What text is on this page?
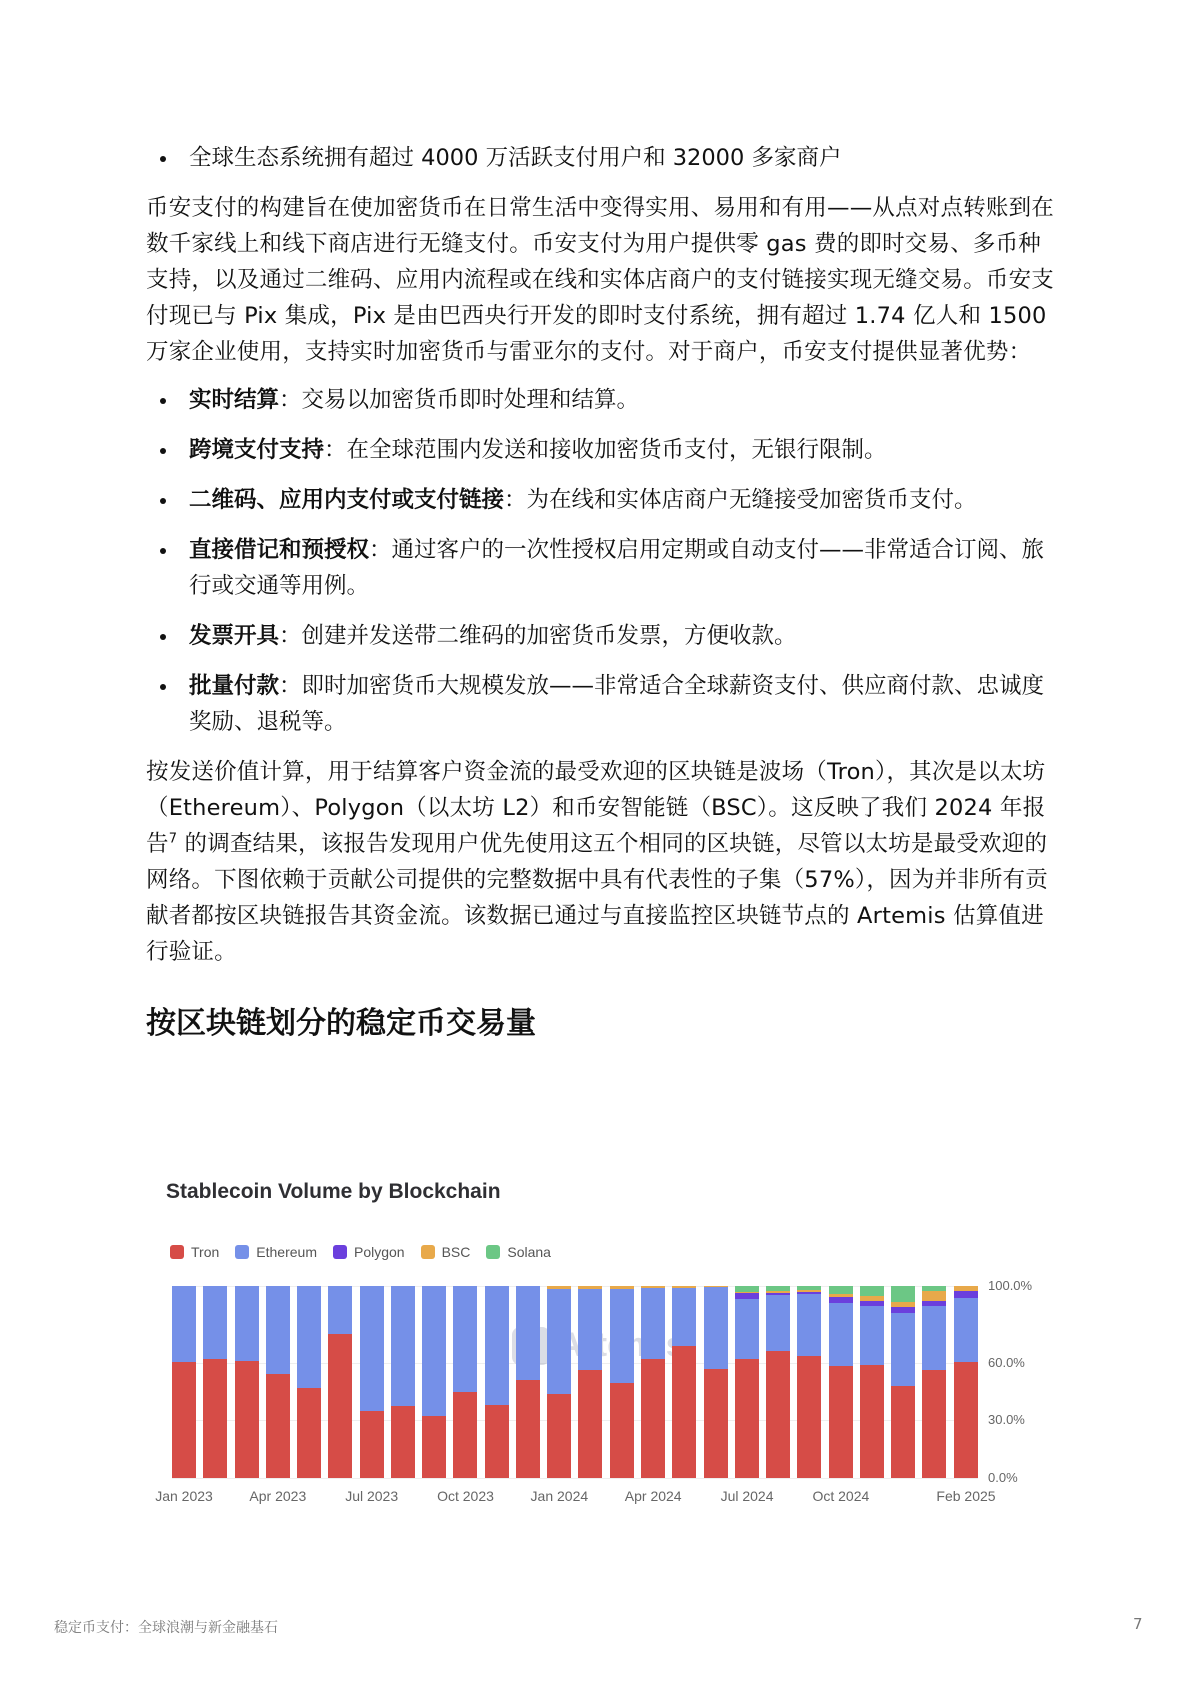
全球生态系统拥有超过 4000 万活跃支付用户和 32000 多家商户

币安支付的构建旨在使加密货币在日常生活中变得实用、易用和有用——从点对点转账到在数千家线上和线下商店进行无缝支付。币安支付为用户提供零 gas 费的即时交易、多币种支持，以及通过二维码、应用内流程或在线和实体店商户的支付链接实现无缝交易。币安支付现已与 Pix 集成，Pix 是由巴西央行开发的即时支付系统，拥有超过 1.74 亿人和 1500 万家企业使用，支持实时加密货币与雷亚尔的支付。对于商户，币安支付提供显著优势：

实时结算：交易以加密货币即时处理和结算。
跨境支付支持：在全球范围内发送和接收加密货币支付，无银行限制。
二维码、应用内支付或支付链接：为在线和实体店商户无缝接受加密货币支付。
直接借记和预授权：通过客户的一次性授权启用定期或自动支付——非常适合订阅、旅行或交通等用例。
发票开具：创建并发送带二维码的加密货币发票，方便收款。
批量付款：即时加密货币大规模发放——非常适合全球薪资支付、供应商付款、忠诚度奖励、退税等。

按发送价值计算，用于结算客户资金流的最受欢迎的区块链是波场（Tron），其次是以太坊（Ethereum）、Polygon（以太坊 L2）和币安智能链（BSC）。这反映了我们 2024 年报告$^7$ 的调查结果，该报告发现用户优先使用这五个相同的区块链，尽管以太坊是最受欢迎的网络。下图依赖于贡献公司提供的完整数据中具有代表性的子集（57%），因为并非所有贡献者都按区块链报告其资金流。该数据已通过与直接监控区块链节点的 Artemis 估算值进行验证。

按区块链划分的稳定币交易量
Stablecoin Volume by Blockchain
Tron	Ethereum	Polygon	BSC	Solana
100.0%
60.0%
30.0%
0.0%
Jan 2023	Apr 2023	Jul 2023	Oct 2023	Jan 2024	Apr 2024	Jul 2024	Oct 2024	Feb 2025
稳定币支付：全球浪潮与新金融基石	7
